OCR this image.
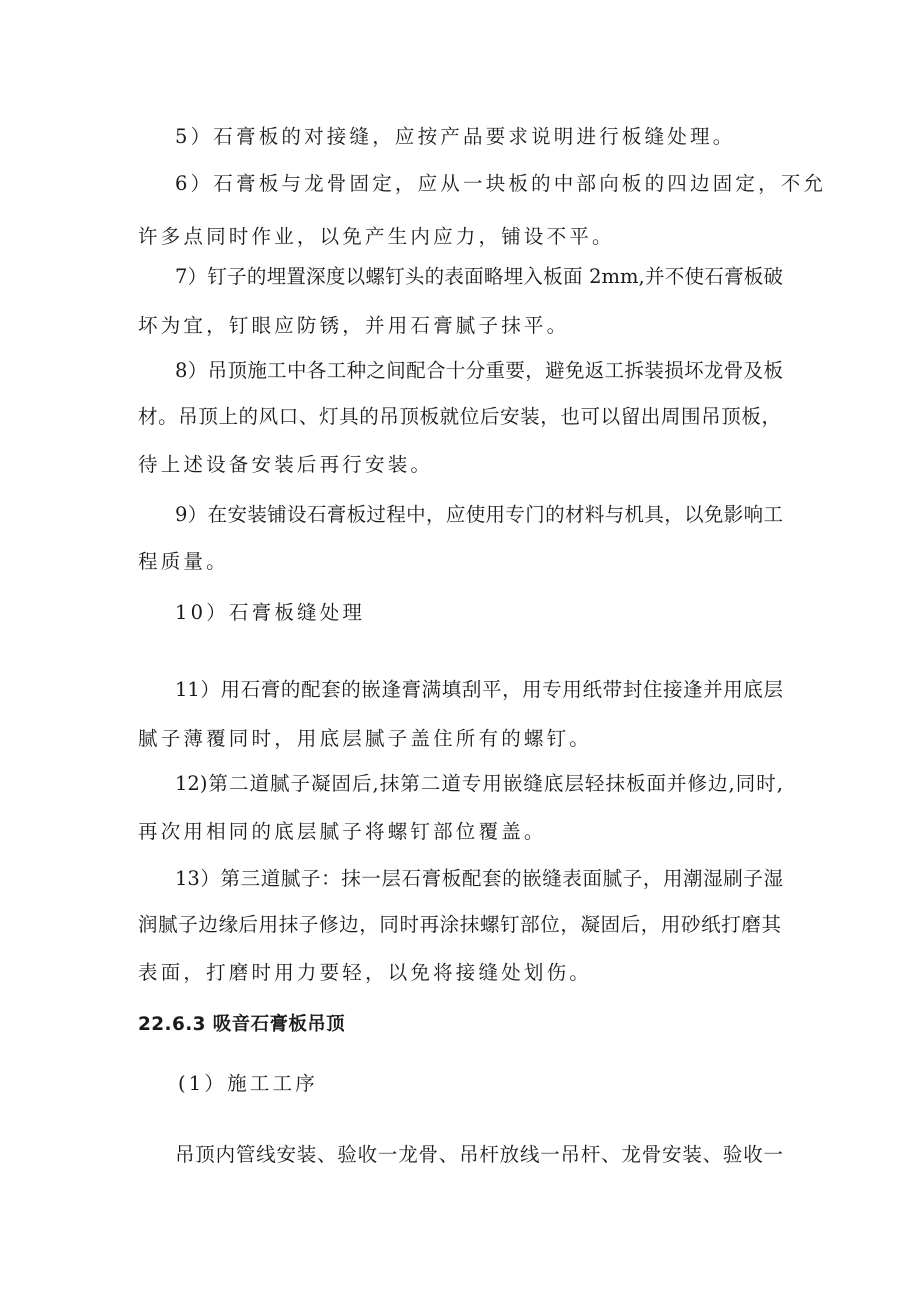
5）石膏板的对接缝，应按产品要求说明进行板缝处理。
6）石膏板与龙骨固定，应从一块板的中部向板的四边固定，不允
许多点同时作业，以免产生内应力，铺设不平。
7）钉子的埋置深度以螺钉头的表面略埋入板面 2mm,并不使石膏板破
坏为宜，钉眼应防锈，并用石膏腻子抹平。
8）吊顶施工中各工种之间配合十分重要，避免返工拆装损坏龙骨及板
材。吊顶上的风口、灯具的吊顶板就位后安装，也可以留出周围吊顶板，
待上述设备安装后再行安装。
9）在安装铺设石膏板过程中，应使用专门的材料与机具，以免影响工
程质量。
10）石膏板缝处理
11）用石膏的配套的嵌逢膏满填刮平，用专用纸带封住接逢并用底层
腻子薄覆同时，用底层腻子盖住所有的螺钉。
12)第二道腻子凝固后,抹第二道专用嵌缝底层轻抹板面并修边,同时,
再次用相同的底层腻子将螺钉部位覆盖。
13）第三道腻子：抹一层石膏板配套的嵌缝表面腻子，用潮湿刷子湿
润腻子边缘后用抹子修边，同时再涂抹螺钉部位，凝固后，用砂纸打磨其
表面，打磨时用力要轻，以免将接缝处划伤。
22.6.3 吸音石膏板吊顶
(1）施工工序
吊顶内管线安装、验收一龙骨、吊杆放线一吊杆、龙骨安装、验收一
